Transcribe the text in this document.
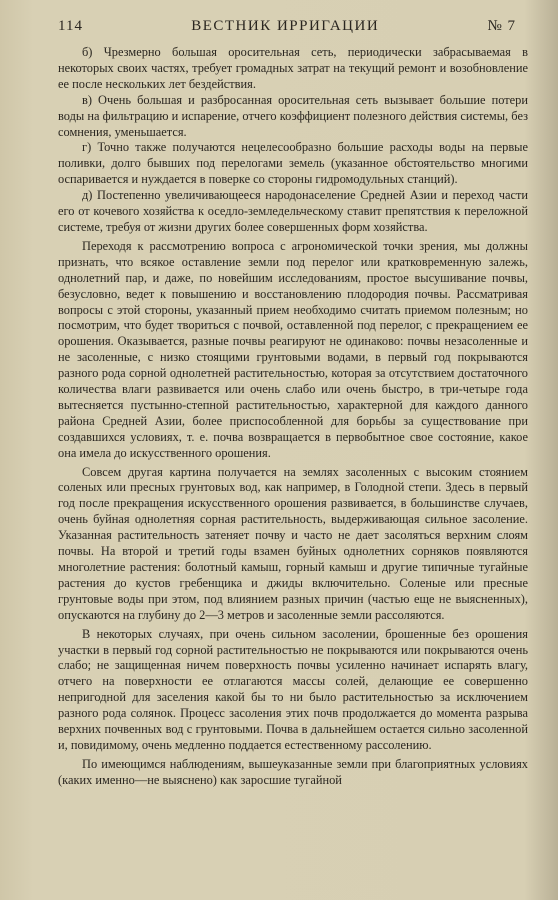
114	ВЕСТНИК ИРРИГАЦИИ	№ 7

б) Чрезмерно большая оросительная сеть, периодически забрасываемая в некоторых своих частях, требует громадных затрат на текущий ремонт и возобновление ее после нескольких лет бездействия.

в) Очень большая и разбросанная оросительная сеть вызывает большие потери воды на фильтрацию и испарение, отчего коэффициент полезного действия системы, без сомнения, уменьшается.

г) Точно также получаются нецелесообразно большие расходы воды на первые поливки, долго бывших под перелогами земель (указанное обстоятельство многими оспаривается и нуждается в поверке со стороны гидромодульных станций).

д) Постепенно увеличивающееся народонаселение Средней Азии и переход части его от кочевого хозяйства к оседло-земледельческому ставит препятствия к переложной системе, требуя от жизни других более совершенных форм хозяйства.

Переходя к рассмотрению вопроса с агрономической точки зрения, мы должны признать, что всякое оставление земли под перелог или кратковременную залежь, однолетний пар, и даже, по новейшим исследованиям, простое высушивание почвы, безусловно, ведет к повышению и восстановлению плодородия почвы. Рассматривая вопросы с этой стороны, указанный прием необходимо считать приемом полезным; но посмотрим, что будет твориться с почвой, оставленной под перелог, с прекращением ее орошения. Оказывается, разные почвы реагируют не одинаково: почвы незасоленные и не засоленные, с низко стоящими грунтовыми водами, в первый год покрываются разного рода сорной однолетней растительностью, которая за отсутствием достаточного количества влаги развивается или очень слабо или очень быстро, в три-четыре года вытесняется пустынно-степной растительностью, характерной для каждого данного района Средней Азии, более приспособленной для борьбы за существование при создавшихся условиях, т. е. почва возвращается в первобытное свое состояние, какое она имела до искусственного орошения.

Совсем другая картина получается на землях засоленных с высоким стоянием соленых или пресных грунтовых вод, как например, в Голодной степи. Здесь в первый год после прекращения искусственного орошения развивается, в большинстве случаев, очень буйная однолетняя сорная растительность, выдерживающая сильное засоление. Указанная растительность затеняет почву и часто не дает засоляться верхним слоям почвы. На второй и третий годы взамен буйных однолетних сорняков появляются многолетние растения: болотный камыш, горный камыш и другие типичные тугайные растения до кустов гребенщика и джиды включительно. Соленые или пресные грунтовые воды при этом, под влиянием разных причин (частью еще не выясненных), опускаются на глубину до 2—3 метров и засоленные земли рассоляются.

В некоторых случаях, при очень сильном засолении, брошенные без орошения участки в первый год сорной растительностью не покрываются или покрываются очень слабо; не защищенная ничем поверхность почвы усиленно начинает испарять влагу, отчего на поверхности ее отлагаются массы солей, делающие ее совершенно непригодной для заселения какой бы то ни было растительностью за исключением разного рода солянок. Процесс засоления этих почв продолжается до момента разрыва верхних почвенных вод с грунтовыми. Почва в дальнейшем остается сильно засоленной и, повидимому, очень медленно поддается естественному рассолению.

По имеющимся наблюдениям, вышеуказанные земли при благоприятных условиях (каких именно—не выяснено) как заросшие тугайной
